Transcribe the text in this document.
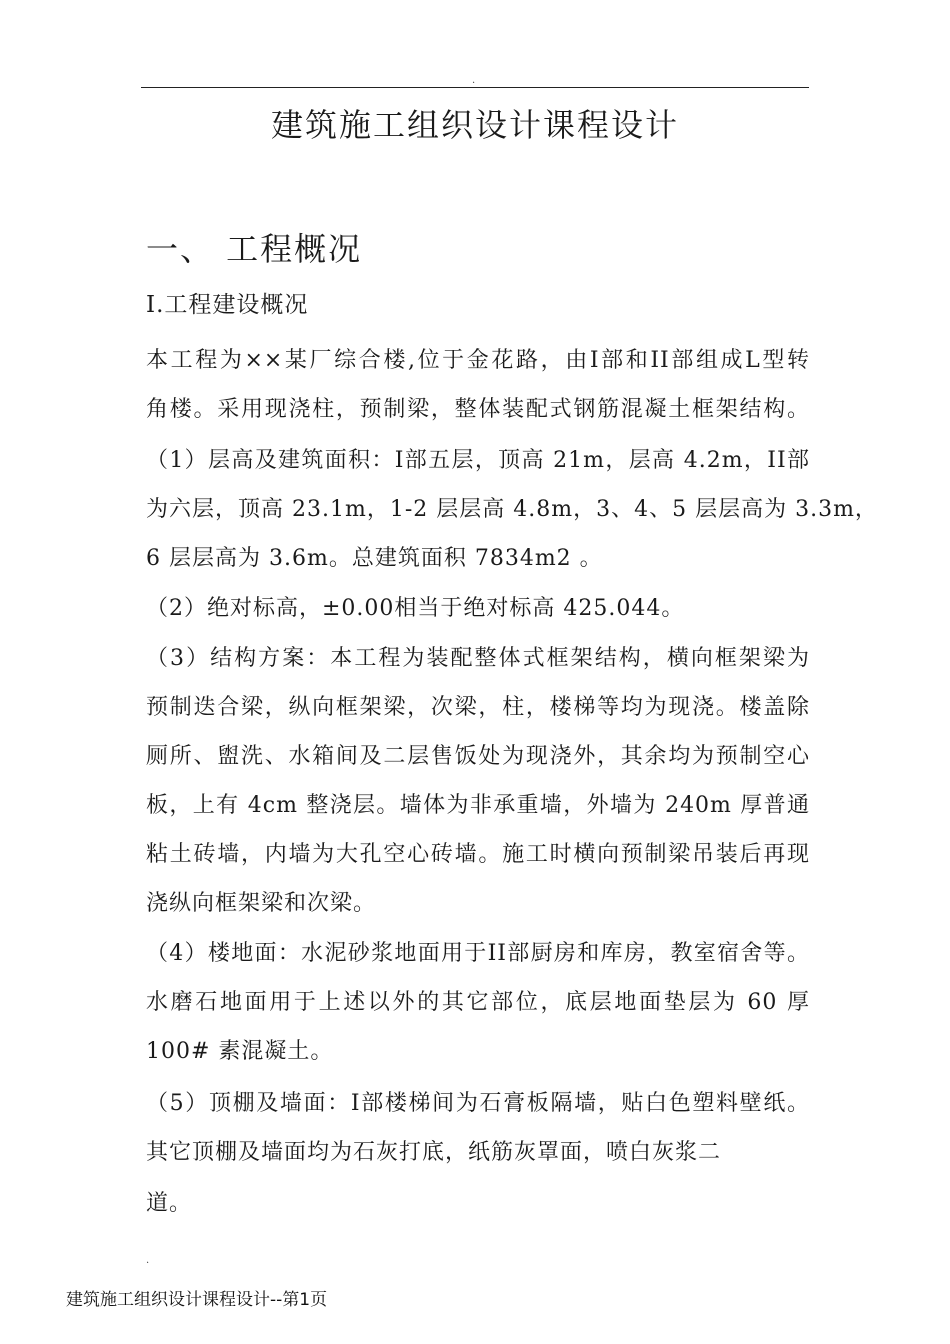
.
建筑施工组织设计课程设计
一、 工程概况
Ⅰ.工程建设概况
本工程为××某厂综合楼,位于金花路，由I部和II部组成L型转
角楼。采用现浇柱，预制梁，整体装配式钢筋混凝土框架结构。
（1）层高及建筑面积：I部五层，顶高 21m，层高 4.2m，II部
为六层，顶高 23.1m，1-2 层层高 4.8m，3、4、5 层层高为 3.3m，
6 层层高为 3.6m。总建筑面积 7834m2 。
（2）绝对标高，±0.00相当于绝对标高 425.044。
（3）结构方案：本工程为装配整体式框架结构，横向框架梁为
预制迭合梁，纵向框架梁，次梁，柱，楼梯等均为现浇。楼盖除
厕所、盥洗、水箱间及二层售饭处为现浇外，其余均为预制空心
板，上有 4cm 整浇层。墙体为非承重墙，外墙为 240m 厚普通
粘土砖墙，内墙为大孔空心砖墙。施工时横向预制梁吊装后再现
浇纵向框架梁和次梁。
（4）楼地面：水泥砂浆地面用于II部厨房和库房，教室宿舍等。
水磨石地面用于上述以外的其它部位，底层地面垫层为 60 厚
100# 素混凝土。
（5）顶棚及墙面：I部楼梯间为石膏板隔墙，贴白色塑料壁纸。
其它顶棚及墙面均为石灰打底，纸筋灰罩面，喷白灰浆二
道。
.
建筑施工组织设计课程设计--第1页
